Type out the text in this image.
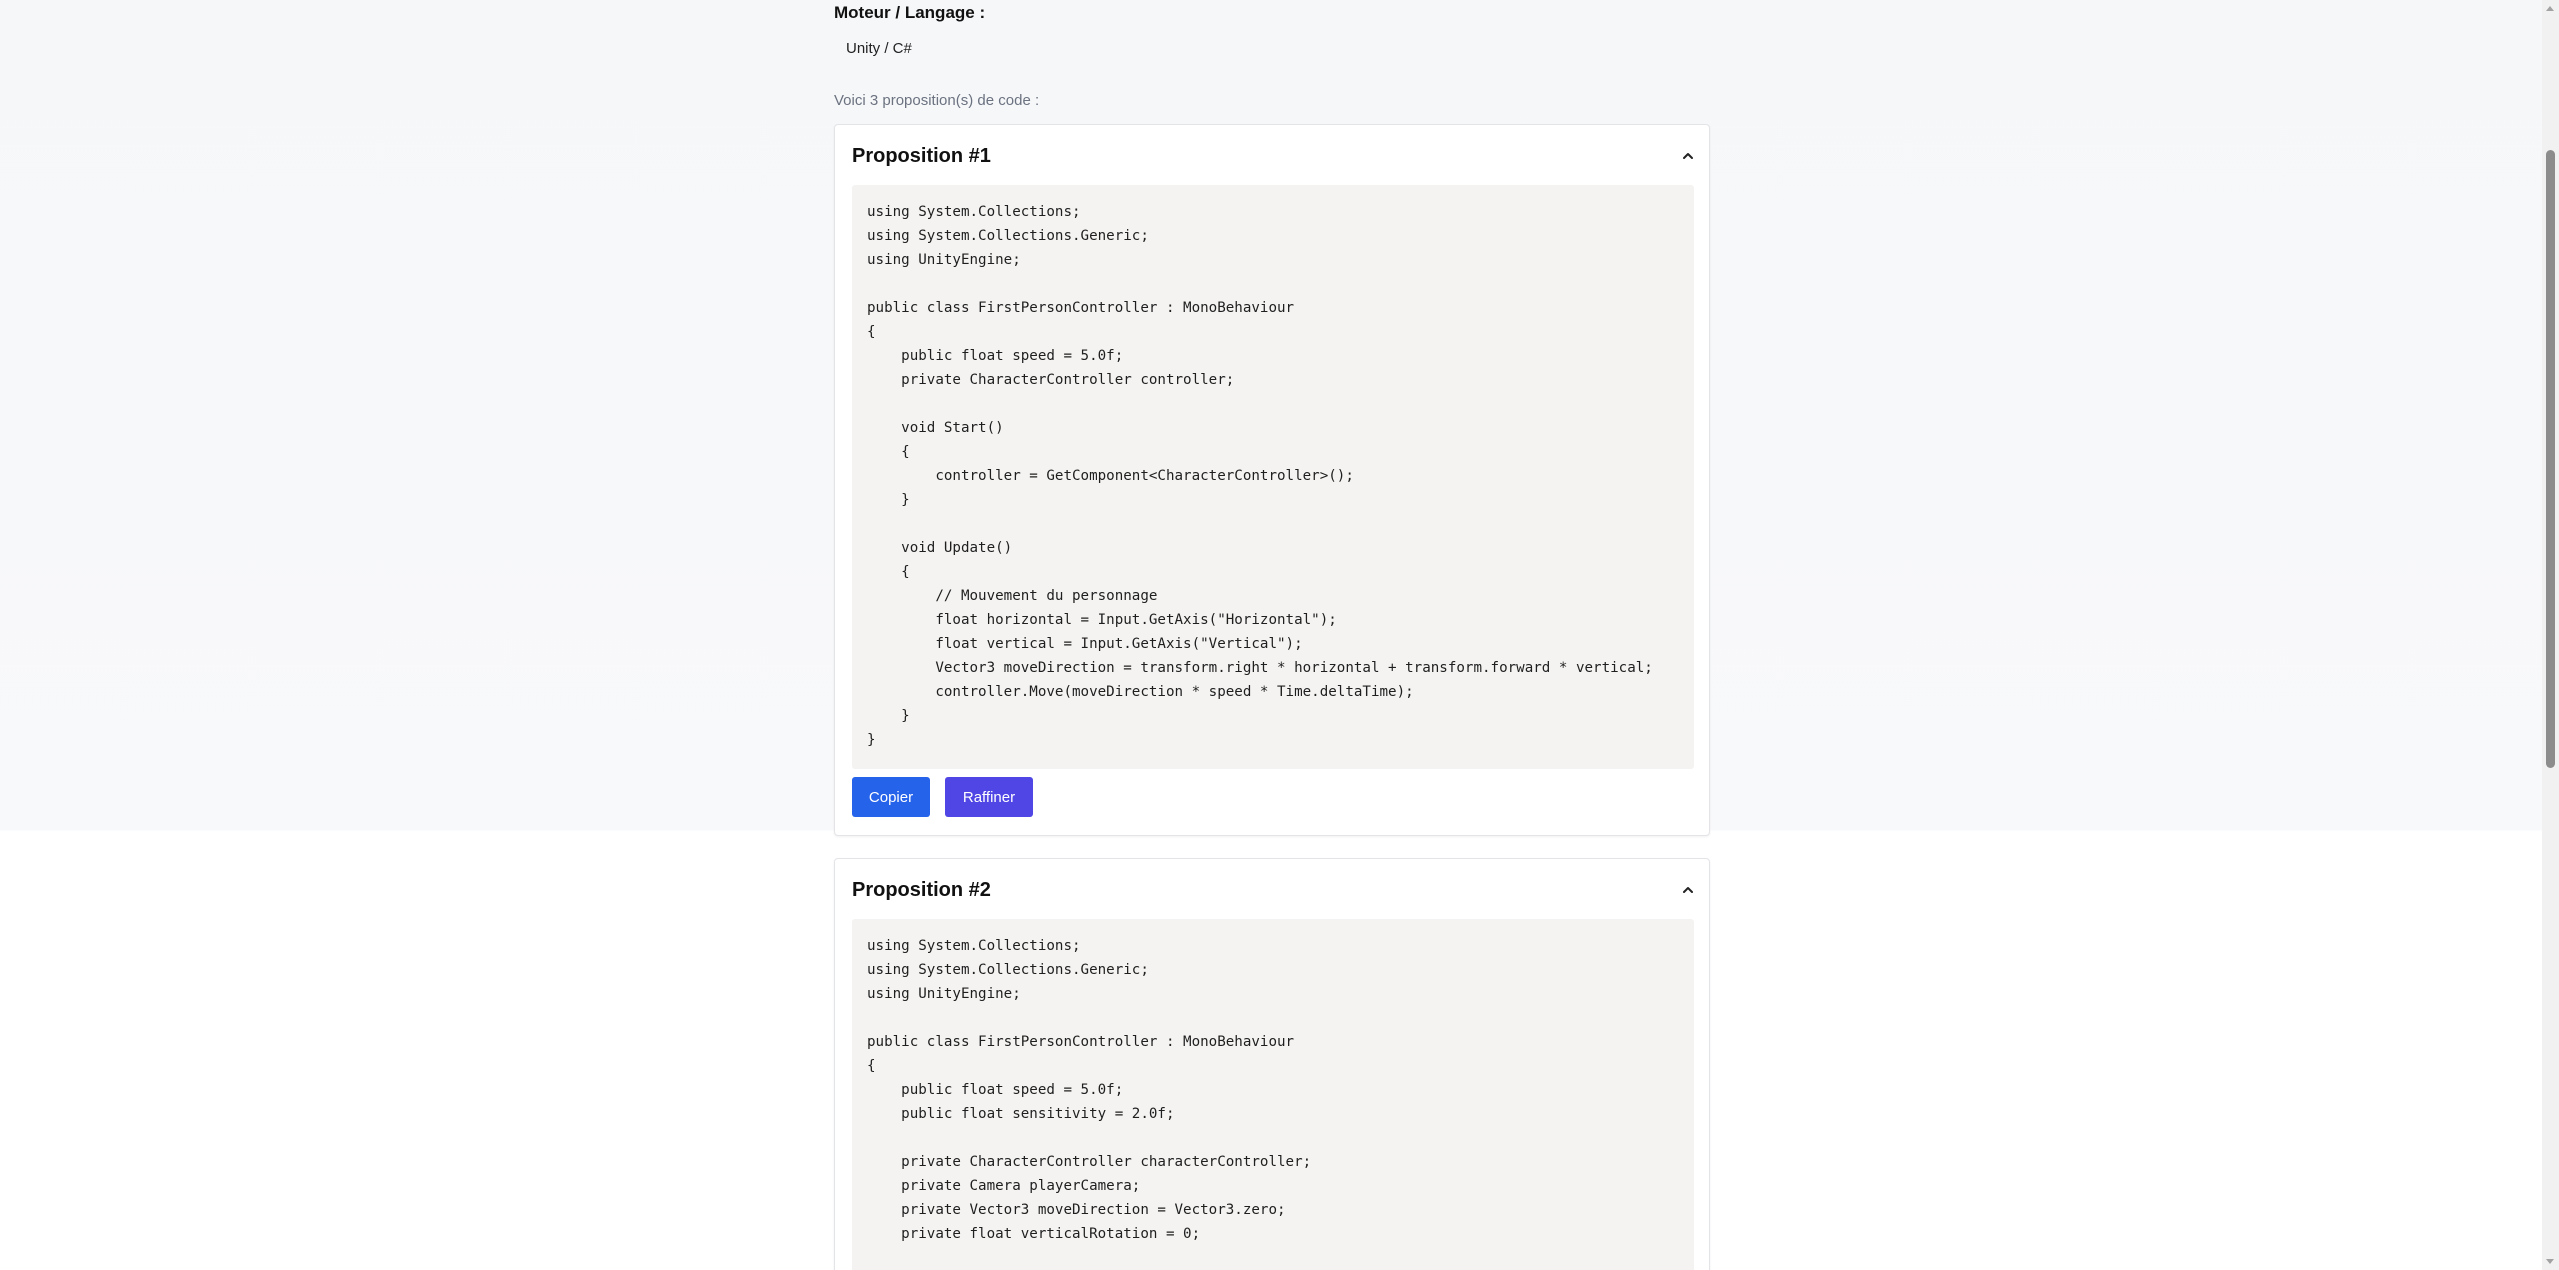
Moteur / Langage :
Unity / C#
Voici 3 proposition(s) de code :
Proposition #1
using System.Collections;
using System.Collections.Generic;
using UnityEngine;

public class FirstPersonController : MonoBehaviour
{
public float speed = 5.0f;
private CharacterController controller;

void Start()
{
controller = GetComponent<CharacterController>();
}

void Update()
{
// Mouvement du personnage
float horizontal = Input.GetAxis("Horizontal");
float vertical = Input.GetAxis("Vertical");
Vector3 moveDirection = transform.right * horizontal + transform.forward * vertical;
controller.Move(moveDirection * speed * Time.deltaTime);
}
}
Copier	Raffiner
Proposition #2
using System.Collections;
using System.Collections.Generic;
using UnityEngine;

public class FirstPersonController : MonoBehaviour
{
public float speed = 5.0f;
public float sensitivity = 2.0f;

private CharacterController characterController;
private Camera playerCamera;
private Vector3 moveDirection = Vector3.zero;
private float verticalRotation = 0;
